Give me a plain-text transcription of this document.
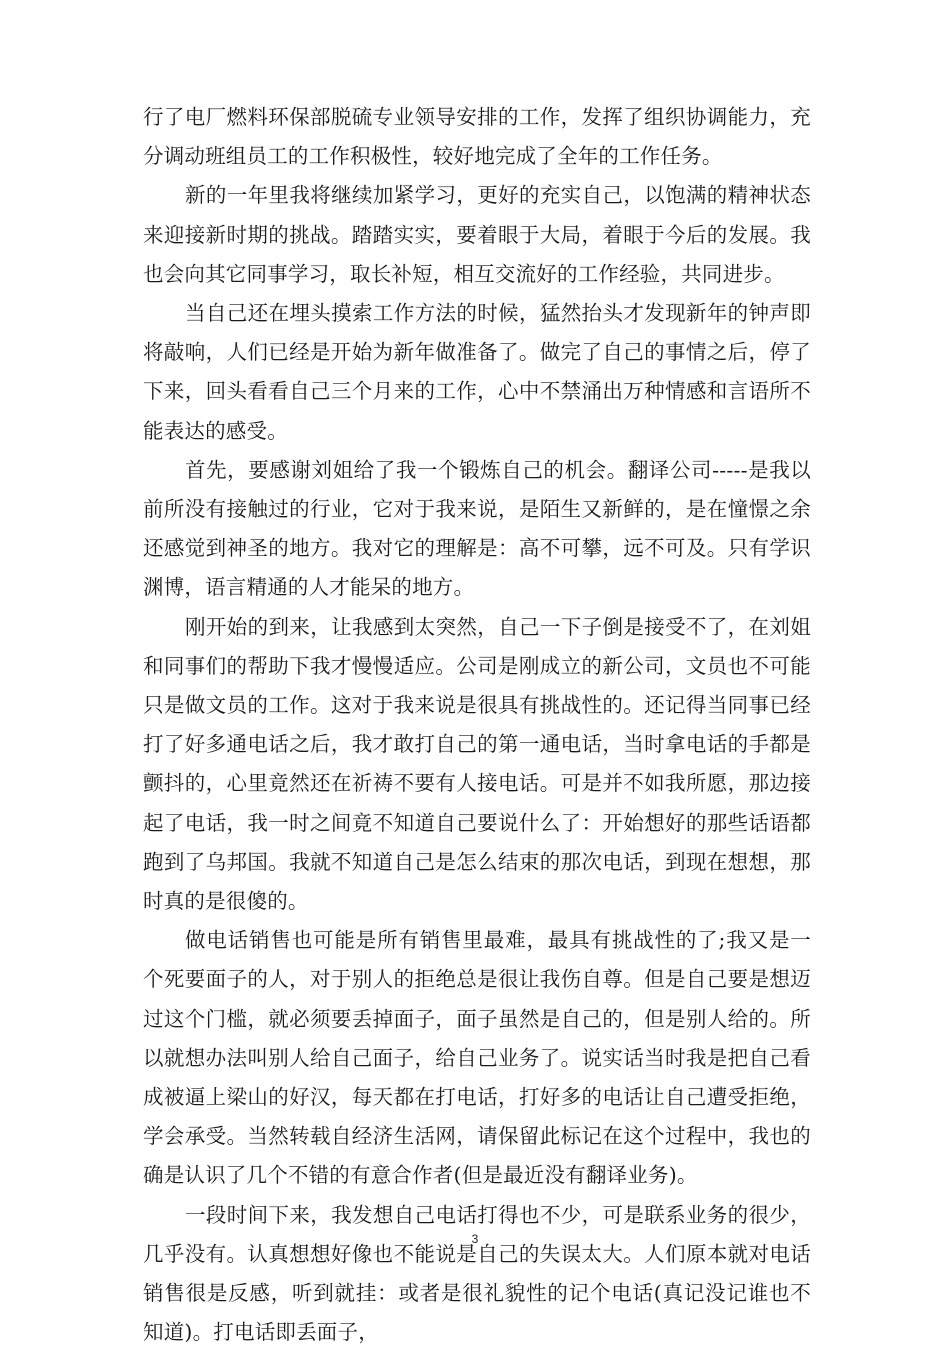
行了电厂燃料环保部脱硫专业领导安排的工作，发挥了组织协调能力，充分调动班组员工的工作积极性，较好地完成了全年的工作任务。

新的一年里我将继续加紧学习，更好的充实自己，以饱满的精神状态来迎接新时期的挑战。踏踏实实，要着眼于大局，着眼于今后的发展。我也会向其它同事学习，取长补短，相互交流好的工作经验，共同进步。

当自己还在埋头摸索工作方法的时候，猛然抬头才发现新年的钟声即将敲响，人们已经是开始为新年做准备了。做完了自己的事情之后，停了下来，回头看看自己三个月来的工作，心中不禁涌出万种情感和言语所不能表达的感受。

首先，要感谢刘姐给了我一个锻炼自己的机会。翻译公司-----是我以前所没有接触过的行业，它对于我来说，是陌生又新鲜的，是在憧憬之余还感觉到神圣的地方。我对它的理解是：高不可攀，远不可及。只有学识渊博，语言精通的人才能呆的地方。

刚开始的到来，让我感到太突然，自己一下子倒是接受不了，在刘姐和同事们的帮助下我才慢慢适应。公司是刚成立的新公司，文员也不可能只是做文员的工作。这对于我来说是很具有挑战性的。还记得当同事已经打了好多通电话之后，我才敢打自己的第一通电话，当时拿电话的手都是颤抖的，心里竟然还在祈祷不要有人接电话。可是并不如我所愿，那边接起了电话，我一时之间竟不知道自己要说什么了：开始想好的那些话语都跑到了乌邦国。我就不知道自己是怎么结束的那次电话，到现在想想，那时真的是很傻的。

做电话销售也可能是所有销售里最难，最具有挑战性的了;我又是一个死要面子的人，对于别人的拒绝总是很让我伤自尊。但是自己要是想迈过这个门槛，就必须要丢掉面子，面子虽然是自己的，但是别人给的。所以就想办法叫别人给自己面子，给自己业务了。说实话当时我是把自己看成被逼上梁山的好汉，每天都在打电话，打好多的电话让自己遭受拒绝，学会承受。当然转载自经济生活网，请保留此标记在这个过程中，我也的确是认识了几个不错的有意合作者(但是最近没有翻译业务)。

一段时间下来，我发想自己电话打得也不少，可是联系业务的很少，几乎没有。认真想想好像也不能说是自己的失误太大。人们原本就对电话销售很是反感，听到就挂：或者是很礼貌性的记个电话(真记没记谁也不知道)。打电话即丢面子，

3
